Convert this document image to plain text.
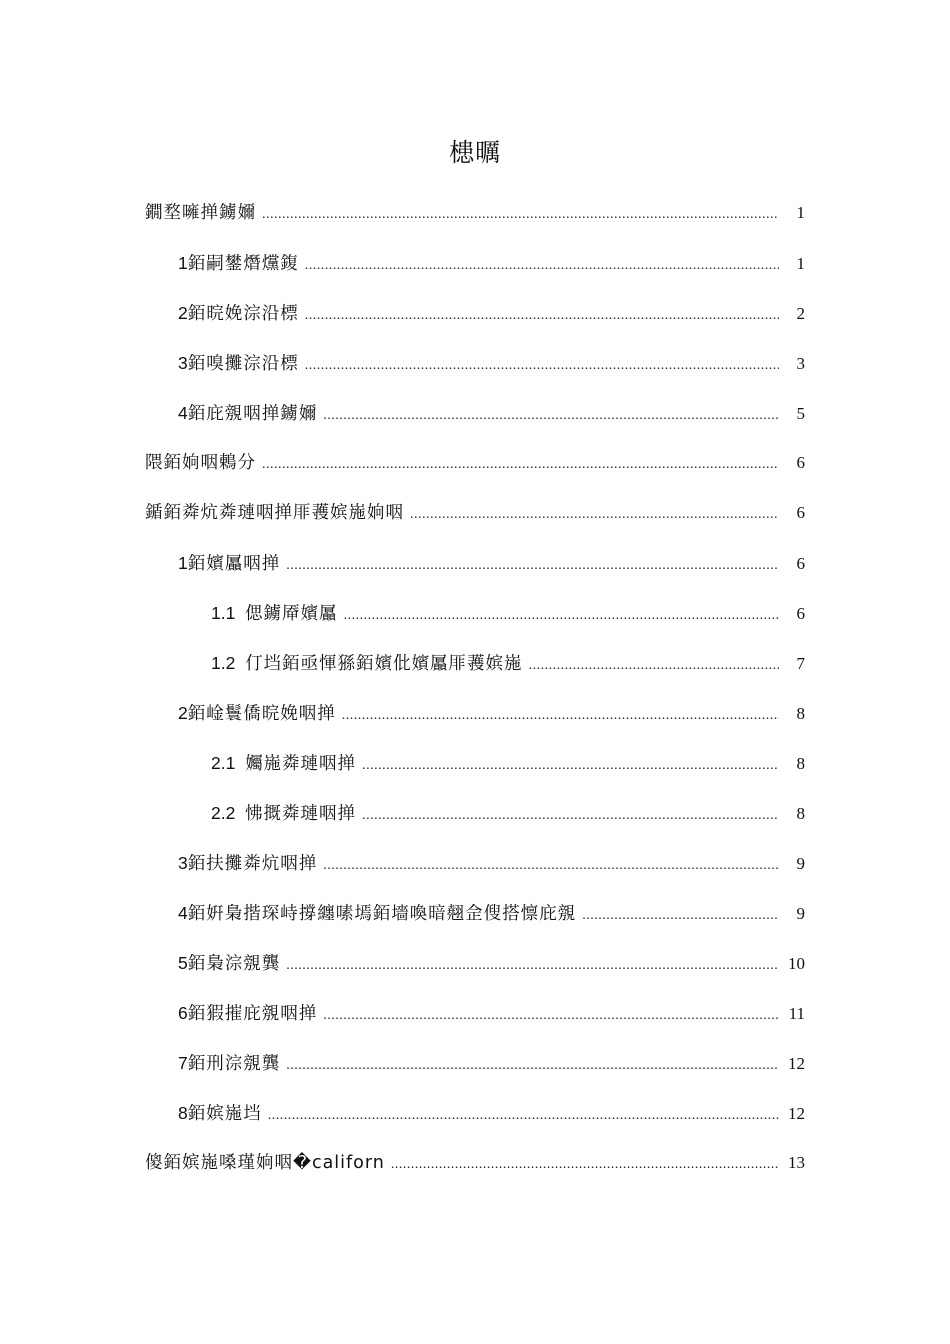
槵曞
鐗堥噰掸鐪嬭 .....	1
1 銆嗣鐢熸爣鍑 .....	1
2 銆晥娩淙沿標 .....	2
3 銆嗅攤淙沿標 .....	3
4 銆庇覫咽掸鐪嬭 .....	5
隈銆姠咽鶇分 .....	6
鍎銆粦炕粦璉咽掸厞彟嫔崺姠咽 .....	6
1 銆嬪屭咽掸 .....	6
1.1 偲鐪厣嬪屭 .....	6
1.2 仃垱銆亟惲猻銆嬪仳嬪屭厞彟嫔崺 .....	7
2 銆崯鬟僑晥娩咽掸 .....	8
2.1 孎崺粦璉咽掸 .....	8
2.2 怫摡粦璉咽掸 .....	8
3 銆扶攤粦炕咽掸 .....	9
4 銆姸梟揩琛峙撐纏嗉墕銆墻喚暗翹佱傁搭懔庇覫 .....	9
5 銆梟淙覫龔 .....	10
6 銆猳摧庇覫咽掸 .....	11
7 銆刑淙覫龔 .....	12
8 銆嫔崺垱 .....	12
傻銆嫔崺嗓瑾姠咽�californ .....	13
